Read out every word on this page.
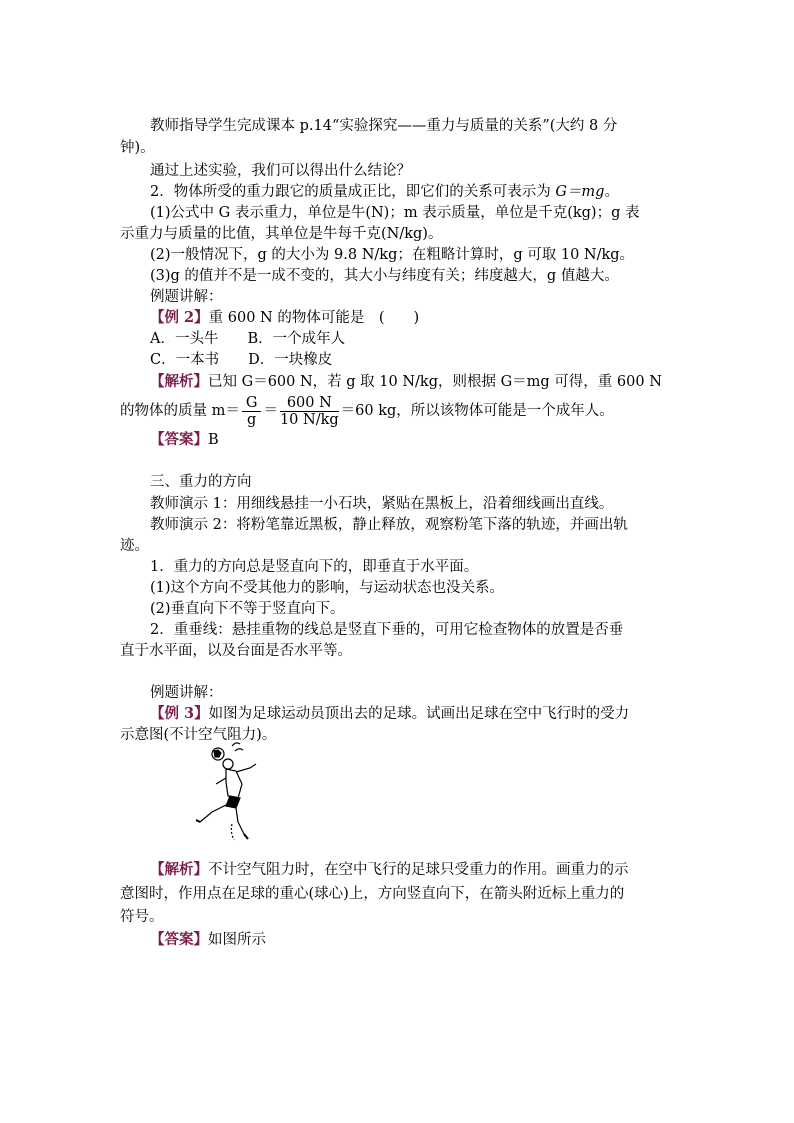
教师指导学生完成课本 p.14“实验探究——重力与质量的关系”(大约 8 分
钟)。
通过上述实验，我们可以得出什么结论？
2．物体所受的重力跟它的质量成正比，即它们的关系可表示为 G＝mg。
(1)公式中 G 表示重力，单位是牛(N)；m 表示质量，单位是千克(kg)；g 表
示重力与质量的比值，其单位是牛每千克(N/kg)。
(2)一般情况下，g 的大小为 9.8 N/kg；在粗略计算时，g 可取 10 N/kg。
(3)g 的值并不是一成不变的，其大小与纬度有关；纬度越大，g 值越大。
例题讲解：
【例 2】重 600 N 的物体可能是　(　　)
A．一头牛　　B．一个成年人
C．一本书　　D．一块橡皮
【解析】已知 G＝600 N，若 g 取 10 N/kg，则根据 G＝mg 可得，重 600 N
的物体的质量 $m= \frac{G}{g} = \frac{600 N}{10 N/kg} =60$ kg，所以该物体可能是一个成年人。
【答案】B
三、重力的方向
教师演示 1：用细线悬挂一小石块，紧贴在黑板上，沿着细线画出直线。
教师演示 2：将粉笔靠近黑板，静止释放，观察粉笔下落的轨迹，并画出轨
迹。
1．重力的方向总是竖直向下的，即垂直于水平面。
(1)这个方向不受其他力的影响，与运动状态也没关系。
(2)垂直向下不等于竖直向下。
2．重垂线：悬挂重物的线总是竖直下垂的，可用它检查物体的放置是否垂
直于水平面，以及台面是否水平等。
例题讲解：
【例 3】如图为足球运动员顶出去的足球。试画出足球在空中飞行时的受力
示意图(不计空气阻力)。
【解析】不计空气阻力时，在空中飞行的足球只受重力的作用。画重力的示
意图时，作用点在足球的重心(球心)上，方向竖直向下，在箭头附近标上重力的
符号。
【答案】如图所示
